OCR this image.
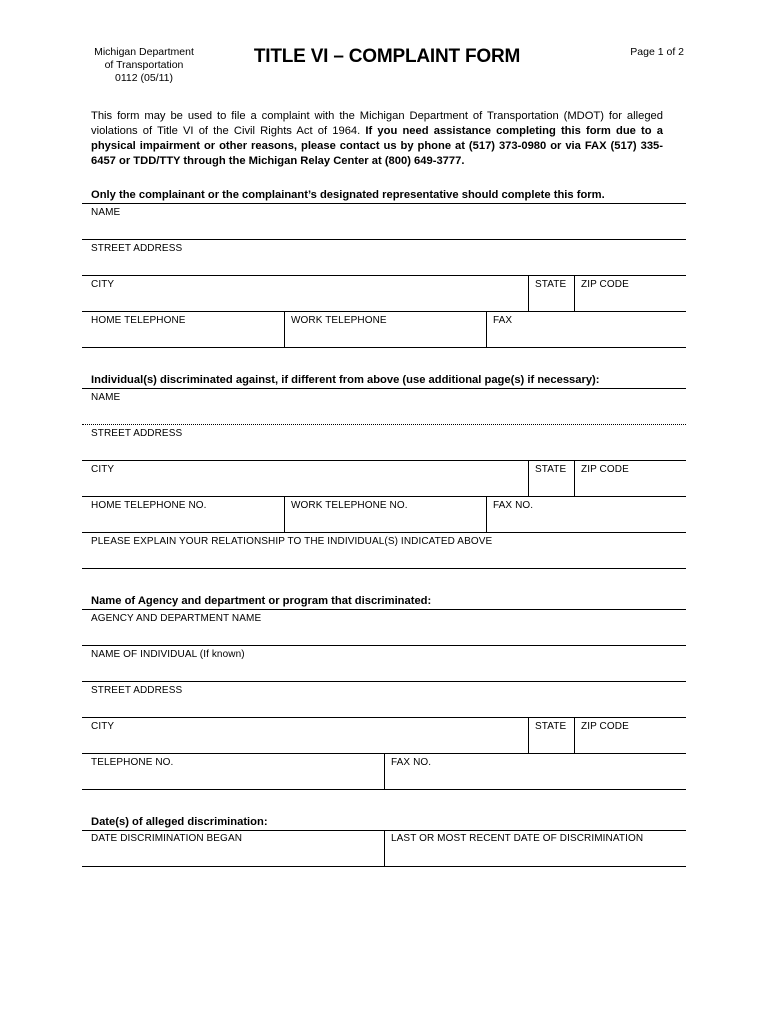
Michigan Department
of Transportation
0112 (05/11)
TITLE VI – COMPLAINT FORM	Page 1 of 2
This form may be used to file a complaint with the Michigan Department of Transportation (MDOT) for alleged violations of Title VI of the Civil Rights Act of 1964. If you need assistance completing this form due to a physical impairment or other reasons, please contact us by phone at (517) 373-0980 or via FAX (517) 335-6457 or TDD/TTY through the Michigan Relay Center at (800) 649-3777.
Only the complainant or the complainant’s designated representative should complete this form.
NAME
STREET ADDRESS
CITY	STATE ZIP CODE
HOME TELEPHONE	WORK TELEPHONE	FAX
Individual(s) discriminated against, if different from above (use additional page(s) if necessary):
NAME
STREET ADDRESS
CITY	STATE ZIP CODE
HOME TELEPHONE NO.	WORK TELEPHONE NO.	FAX NO.
PLEASE EXPLAIN YOUR RELATIONSHIP TO THE INDIVIDUAL(S) INDICATED ABOVE
Name of Agency and department or program that discriminated:
AGENCY AND DEPARTMENT NAME
NAME OF INDIVIDUAL (If known)
STREET ADDRESS
CITY	STATE ZIP CODE
TELEPHONE NO.	FAX NO.
Date(s) of alleged discrimination:
DATE DISCRIMINATION BEGAN	LAST OR MOST RECENT DATE OF DISCRIMINATION
